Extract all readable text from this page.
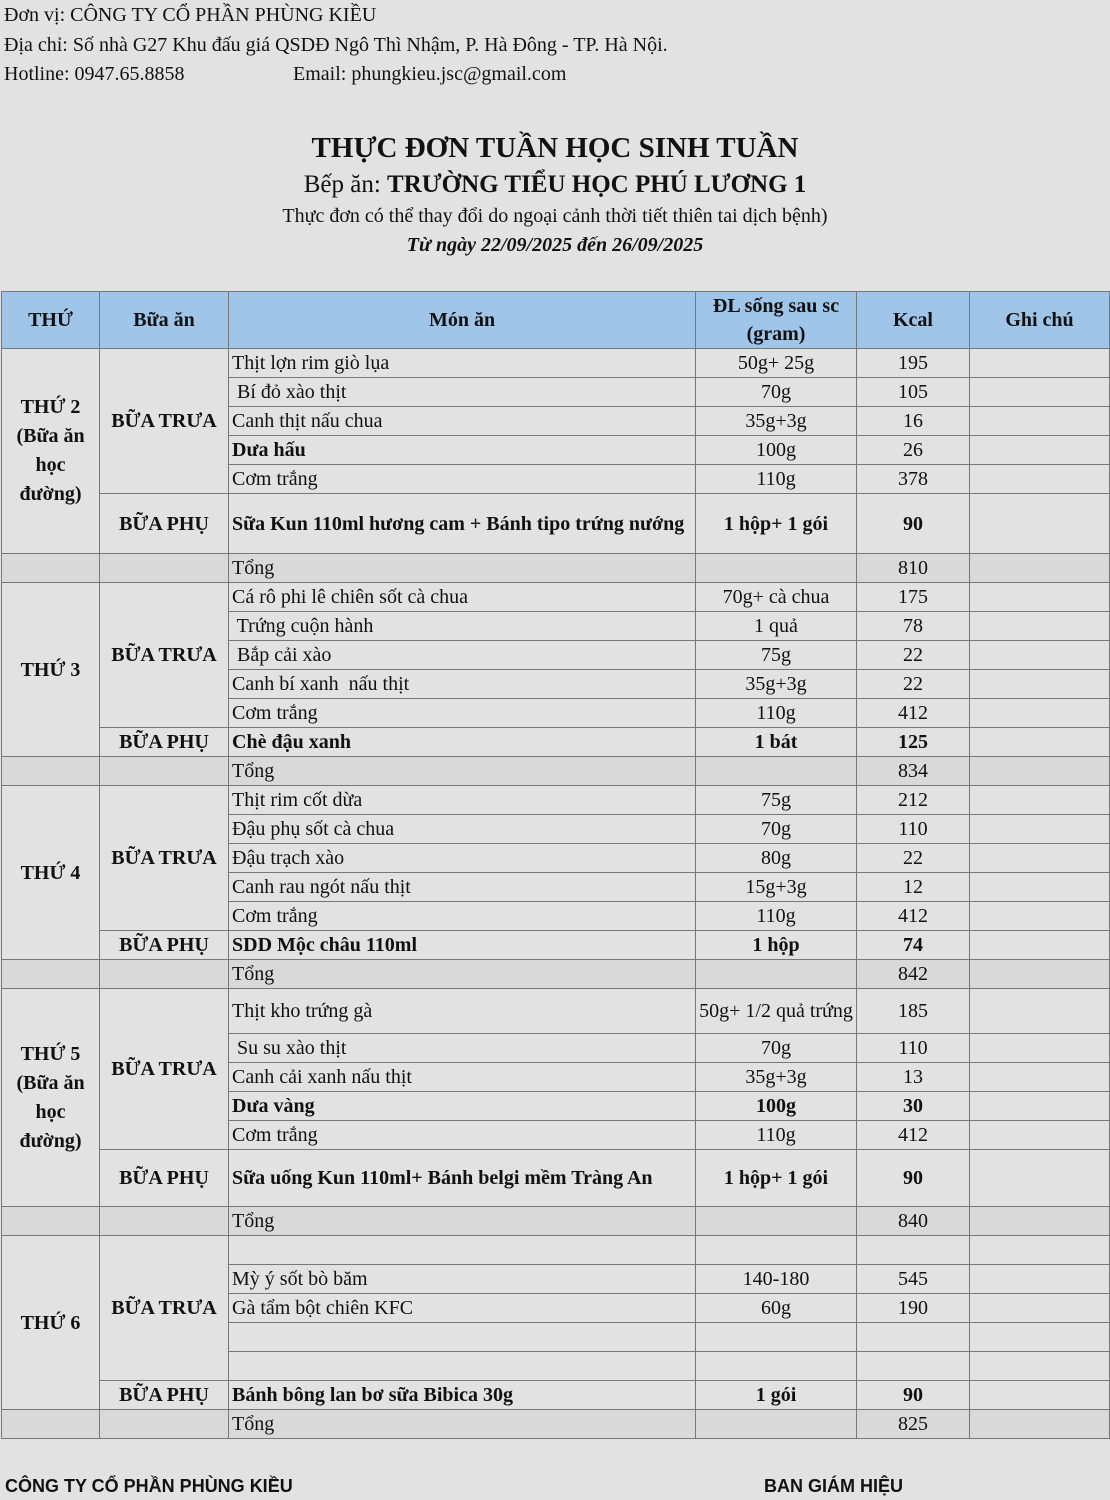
Đơn vị: CÔNG TY CỔ PHẦN PHÙNG KIỀU
Địa chỉ: Số nhà G27 Khu đấu giá QSDĐ Ngô Thì Nhậm, P. Hà Đông - TP. Hà Nội.
Hotline: 0947.65.8858	Email: phungkieu.jsc@gmail.com
THỰC ĐƠN TUẦN HỌC SINH TUẦN
Bếp ăn: TRƯỜNG TIỂU HỌC PHÚ LƯƠNG 1
Thực đơn có thể thay đổi do ngoại cảnh thời tiết thiên tai dịch bệnh)
Từ ngày 22/09/2025 đến 26/09/2025
THỨ	Bữa ăn	Món ăn	ĐL sống sau sc (gram)	Kcal	Ghi chú
THỨ 2 (Bữa ăn học đường)	BỮA TRƯA	Thịt lợn rim giò lụa	50g+ 25g	195	
		Bí đỏ xào thịt	70g	105	
		Canh thịt nấu chua	35g+3g	16	
		Dưa hấu	100g	26	
		Cơm trắng	110g	378	
	BỮA PHỤ	Sữa Kun 110ml hương cam + Bánh tipo trứng nướng	1 hộp+ 1 gói	90	
		Tổng		810	
THỨ 3	BỮA TRƯA	Cá rô phi lê chiên sốt cà chua	70g+ cà chua	175	
		Trứng cuộn hành	1 quả	78	
		Bắp cải xào	75g	22	
		Canh bí xanh  nấu thịt	35g+3g	22	
		Cơm trắng	110g	412	
	BỮA PHỤ	Chè đậu xanh	1 bát	125	
		Tổng		834	
THỨ 4	BỮA TRƯA	Thịt rim cốt dừa	75g	212	
		Đậu phụ sốt cà chua	70g	110	
		Đậu trạch xào	80g	22	
		Canh rau ngót nấu thịt	15g+3g	12	
		Cơm trắng	110g	412	
	BỮA PHỤ	SDD Mộc châu 110ml	1 hộp	74	
		Tổng		842	
THỨ 5 (Bữa ăn học đường)	BỮA TRƯA	Thịt kho trứng gà	50g+ 1/2 quả trứng	185	
		Su su xào thịt	70g	110	
		Canh cải xanh nấu thịt	35g+3g	13	
		Dưa vàng	100g	30	
		Cơm trắng	110g	412	
	BỮA PHỤ	Sữa uống Kun 110ml+ Bánh belgi mềm Tràng An	1 hộp+ 1 gói	90	
		Tổng		840	
THỨ 6	BỮA TRƯA				
		Mỳ ý sốt bò băm	140-180	545	
		Gà tẩm bột chiên KFC	60g	190	

	BỮA PHỤ	Bánh bông lan bơ sữa Bibica 30g	1 gói	90	
		Tổng		825	
CÔNG TY CỔ PHẦN PHÙNG KIỀU	BAN GIÁM HIỆU
